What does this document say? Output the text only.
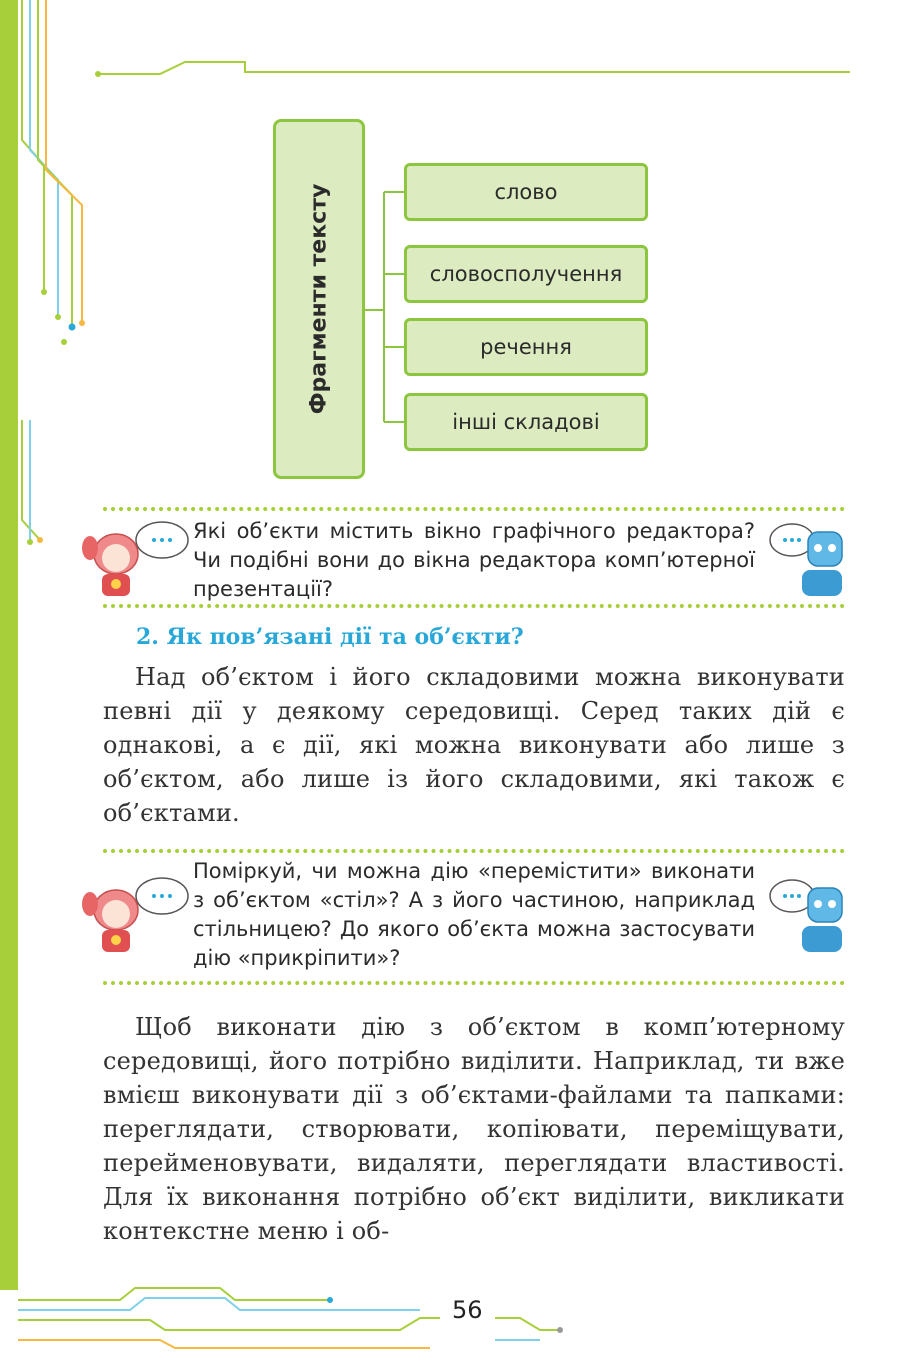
Фрагменти тексту	слово
словосполучення
речення
інші складові
Які об’єкти містить вікно графічного редактора? Чи подібні вони до вікна редактора комп’ютерної презентації?
2. Як пов’язані дії та об’єкти?
Над об’єктом і його складовими можна виконувати певні дії у деякому середовищі. Серед таких дій є однакові, а є дії, які можна виконувати або лише з об’єктом, або лише із його складовими, які також є об’єктами.
Поміркуй, чи можна дію «перемістити» виконати з об’єктом «стіл»? А з його частиною, наприклад стільницею? До якого об’єкта можна застосувати дію «прикріпити»?
Щоб виконати дію з об’єктом в комп’ютерному середовищі, його потрібно виділити. Наприклад, ти вже вмієш виконувати дії з об’єктами-файлами та папками: переглядати, створювати, копіювати, переміщувати, перейменовувати, видаляти, переглядати властивості. Для їх виконання потрібно об’єкт виділити, викликати контекстне меню і об-
56
